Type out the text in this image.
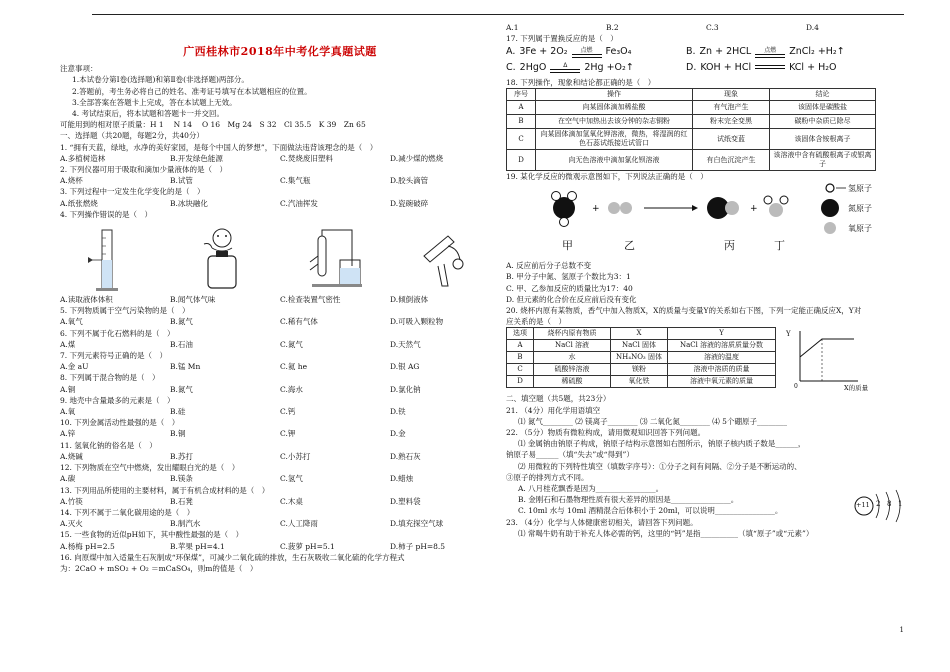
广西桂林市2018年中考化学真题试题
注意事项：
1.本试卷分第Ⅰ卷(选择题)和第Ⅱ卷(非选择题)两部分。
2.答题前，考生务必将自己的姓名、准考证号填写在本试题相应的位置。
3.全部答案在答题卡上完成，答在本试题上无效。
4. 考试结束后，将本试题和答题卡一并交回。
可能用到的相对原子质量：H 1　 N 14　 O 16　Mg 24　S 32　Cl 35.5　K 39　Zn 65
一、选择题（共20题，每题2分，共40分）
1. “拥有天蓝，绿地，水净的美好家园，是每个中国人的梦想”，下面做法违背该理念的是（　）
A.多植树造林	B.开发绿色能源	C.焚烧废旧塑料	D.减少煤的燃烧
2. 下列仪器可用于吸取和滴加少量液体的是（　）
A.烧杯	B.试管	C.集气瓶	D.胶头滴管
3. 下列过程中一定发生化学变化的是（　）
A.纸张燃烧	B.冰块融化	C.汽油挥发	D.瓷碗破碎
4. 下列操作错误的是（　）
A.读取液体体积	B.闻气体气味	C.检查装置气密性	D.倾倒液体
5. 下列物质属于空气污染物的是（　）
A.氧气	B.氮气	C.稀有气体	D.可吸入颗粒物
6. 下列不属于化石燃料的是（　）
A.煤	B.石油	C.氮气	D.天然气
7. 下列元素符号正确的是（　）
A.金 aU	B.锰 Mn	C.氦 he	D.银 AG
8. 下列属于混合物的是（　）
A.铜	B.氮气	C.海水	D.氯化钠
9. 地壳中含量最多的元素是（　）
A.氧	B.硅	C.钙	D.铁
10. 下列金属活动性最强的是（　）
A.锌	B.铜	C.钾	D.金
11. 氢氧化钠的俗名是（　）
A.烧碱	B.苏打	C.小苏打	D.熟石灰
12. 下列物质在空气中燃烧，发出耀眼白光的是（　）
A.碳	B.镁条	C.氢气	D.蜡烛
13. 下列用品所使用的主要材料，属于有机合成材料的是（　）
A.竹筷	B.石凳	C.木桌	D.塑料袋
14. 下列不属于二氧化碳用途的是（　）
A.灭火	B.制汽水	C.人工降雨	D.填充探空气球
15. 一些食物的近似pH如下，其中酸性最强的是（　）
A.杨梅 pH=2.5	B.苹果 pH=4.1	C.菠萝 pH=5.1	D.柿子 pH=8.5
16. 向原煤中加入适量生石灰制成“环保煤”，可减少二氧化硫的排放，生石灰吸收二氧化硫的化学方程式
为：2CaO + mSO₂ + O₂ ＝mCaSO₄，则m的值是（　）
A.1	B.2	C.3	D.4
17. 下列属于置换反应的是（　）
A. 3Fe + 2O₂ 点燃 Fe₃O₄	B. Zn + 2HCL 点燃 ZnCl₂ +H₂↑
C. 2HgO	Δ 2Hg +O₂↑	D. KOH + HCl	KCl + H₂O
18. 下列操作，现象和结论都正确的是（　）
序号	操作	现象	结论
A	向某固体滴加稀盐酸	有气泡产生	该固体是碳酸盐
B	在空气中加热出去该分钟的杂志铜粉	粉末完全变黑	碳粉中杂质已除尽
C	向某固体滴加氢氧化钾溶液，微热，将湿润的红色石蕊试纸接近试管口	试纸变蓝	该固体含铵根离子
D	向无色溶液中滴加氯化钡溶液	有白色沉淀产生	该溶液中含有硫酸根离子或银离子
19. 某化学反应的微观示意图如下，下列说法正确的是（　）
+	+
氢原子
氮原子
氧原子
甲	乙	丙	丁
A. 反应前后分子总数不变
B. 甲分子中氮、氢原子个数比为3：1
C. 甲、乙参加反应的质量比为17：40
D. 但元素的化合价在反应前后没有变化
20. 烧杯内原有某物质，香气中加入物质X，X的质量与变量Y的关系如右下图，下列一定能正确反应X，Y对
应关系的是（　）
选项	烧杯内原有物质	X	Y
A	NaCl 溶液	NaCl 固体	NaCl 溶液的溶质质量分数
B	水	NH₄NO₃ 固体	溶液的温度
C	硫酸锌溶液	镁粉	溶液中溶质的质量
D	稀硫酸	氧化铁	溶液中氧元素的质量
Y
0	X的质量
二、填空题（共5题，共23分）
21. （4分）用化学用语填空
⑴ 氮气________ ⑵ 镁离子________ ⑶ 二氧化氮________ ⑷ 5个硼原子________
22. （5分）物质有微粒构成，请用微观知识回答下列问题。
⑴ 金属钠由钠原子构成，钠原子结构示意图如右图所示，钠原子核内质子数是______，
钠原子易______（填“失去”或“得到”）
⑵ 用微粒的下列特性填空（填数字序号）：①分子之间有间隔、②分子是不断运动的、
③原子的排列方式不同。
A. 八月桂花飘香是因为________________。
B. 金刚石和石墨物理性质有很大差异的原因是________________。
C. 10ml 水与 10ml 酒精混合后体积小于 20ml，可以说明________________。
23. （4分）化学与人体健康密切相关，请回答下列问题。
⑴ 常喝牛奶有助于补充人体必需的钙，这里的“钙”是指__________（填“原子”或“元素”）
+11 2 8 1
1
